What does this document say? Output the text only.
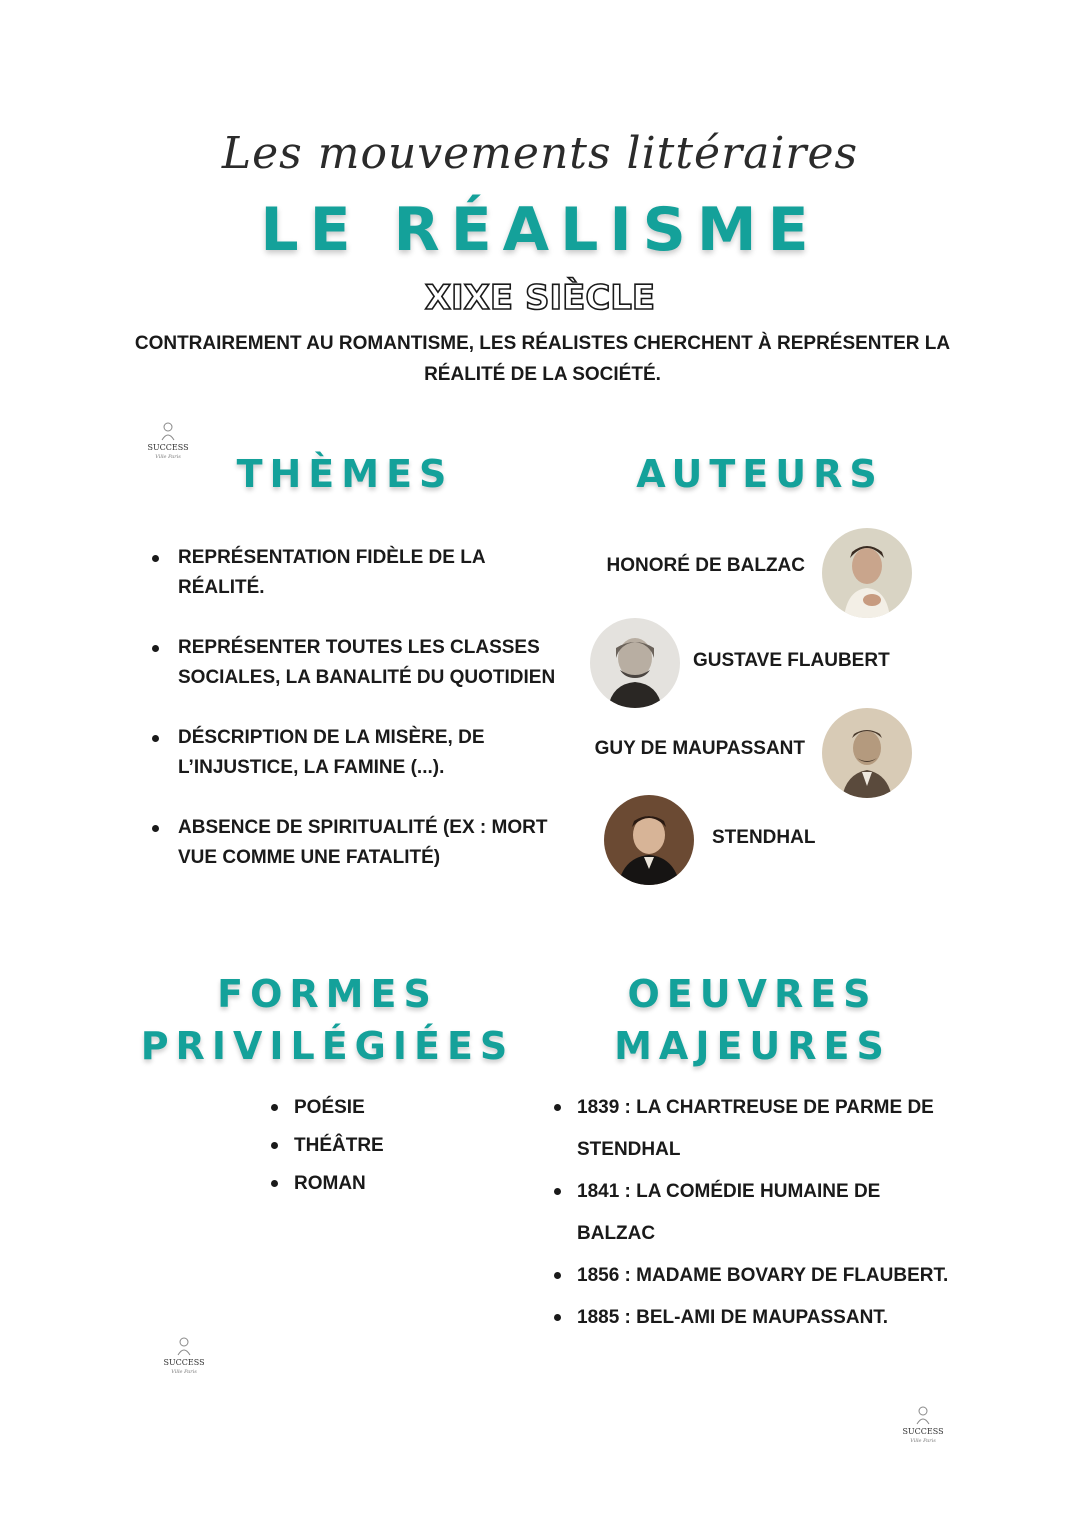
Les mouvements littéraires
LE RÉALISME
XIXE SIÈCLE
CONTRAIREMENT AU ROMANTISME, LES RÉALISTES CHERCHENT À REPRÉSENTER LA RÉALITÉ DE LA SOCIÉTÉ.
SUCCESS
Ville Paris
SUCCESS
Ville Paris
SUCCESS
Ville Paris
THÈMES
REPRÉSENTATION FIDÈLE DE LA RÉALITÉ.
REPRÉSENTER TOUTES LES CLASSES SOCIALES, LA BANALITÉ DU QUOTIDIEN
DÉSCRIPTION DE LA MISÈRE, DE L’INJUSTICE, LA FAMINE (...).
ABSENCE DE SPIRITUALITÉ (EX : MORT VUE COMME UNE FATALITÉ)
AUTEURS
HONORÉ DE BALZAC
GUSTAVE FLAUBERT
GUY DE MAUPASSANT
STENDHAL
FORMES
PRIVILÉGIÉES
POÉSIE
THÉÂTRE
ROMAN
OEUVRES
MAJEURES
1839 : LA CHARTREUSE DE PARME DE STENDHAL
1841 : LA COMÉDIE HUMAINE DE BALZAC
1856 : MADAME BOVARY DE FLAUBERT.
1885 : BEL-AMI DE MAUPASSANT.
